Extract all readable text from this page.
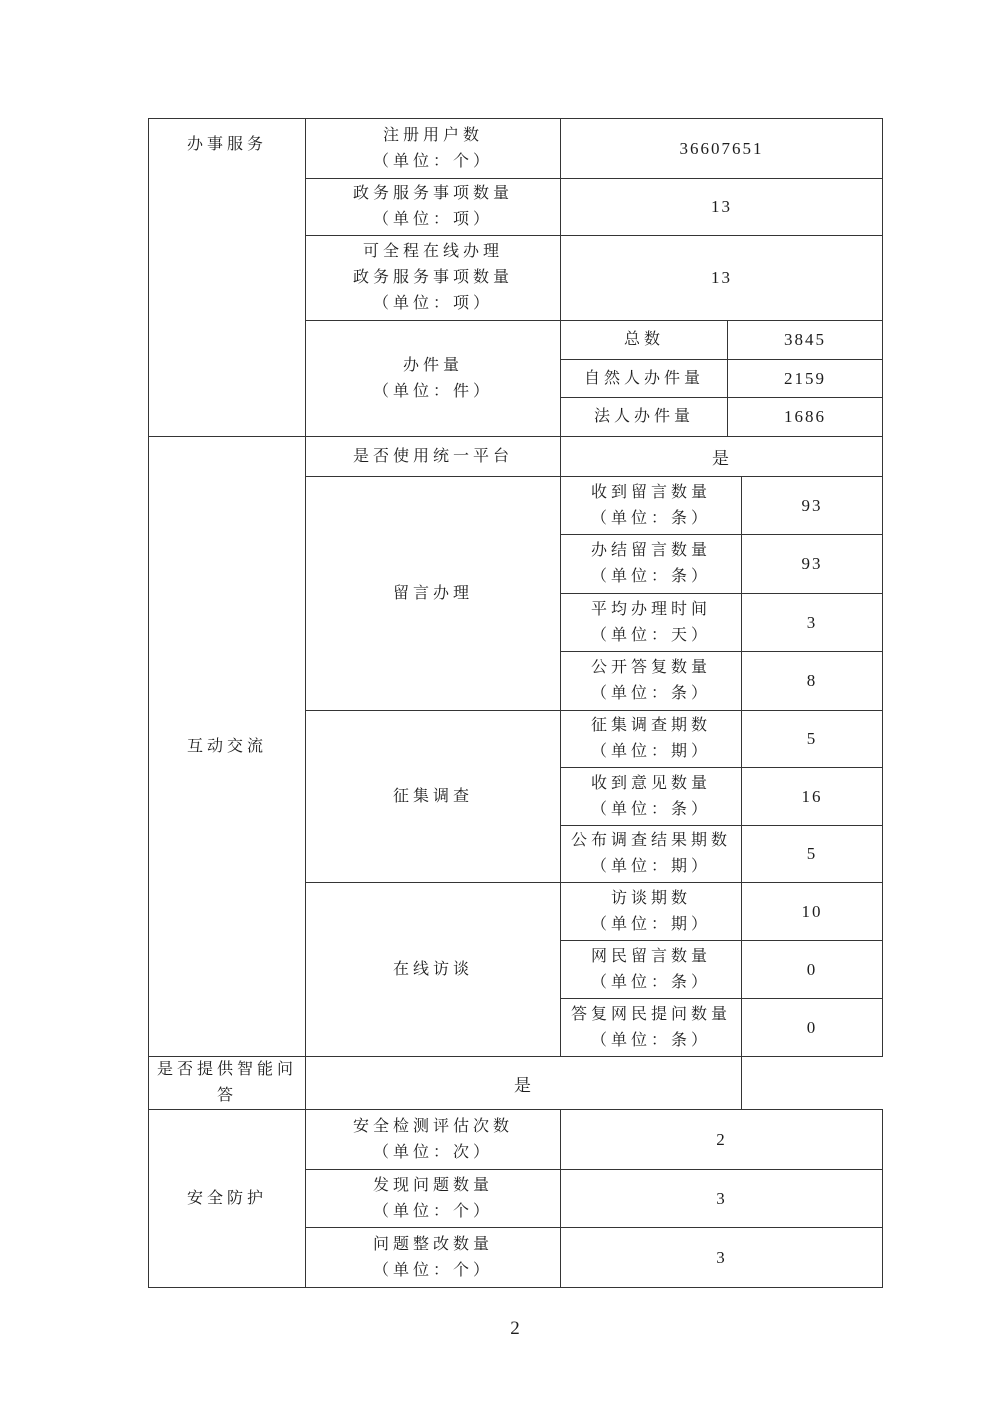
办事服务	注册用户数
（单位：个）	36607651		

	政务服务事项数量
（单位：项）	13		

	可全程在线办理
政务服务事项数量
（单位：项）	13		

	办件量
（单位：件）	总数	3845	
		自然人办件量	2159	
		法人办件量	1686	

互动交流	是否使用统一平台	是		

	留言办理	收到留言数量
（单位：条）		93

		办结留言数量
（单位：条）		93

		平均办理时间
（单位：天）		3

		公开答复数量
（单位：条）		8

	征集调查	征集调查期数
（单位：期）		5

		收到意见数量
（单位：条）		16

		公布调查结果期数
（单位：期）		5

	在线访谈	访谈期数
（单位：期）		10

		网民留言数量
（单位：条）		0

		答复网民提问数量
（单位：条）		0

是否提供智能问答	是			

安全防护	安全检测评估次数
（单位：次）	2		

	发现问题数量
（单位：个）	3		

	问题整改数量
（单位：个）	3		
2
